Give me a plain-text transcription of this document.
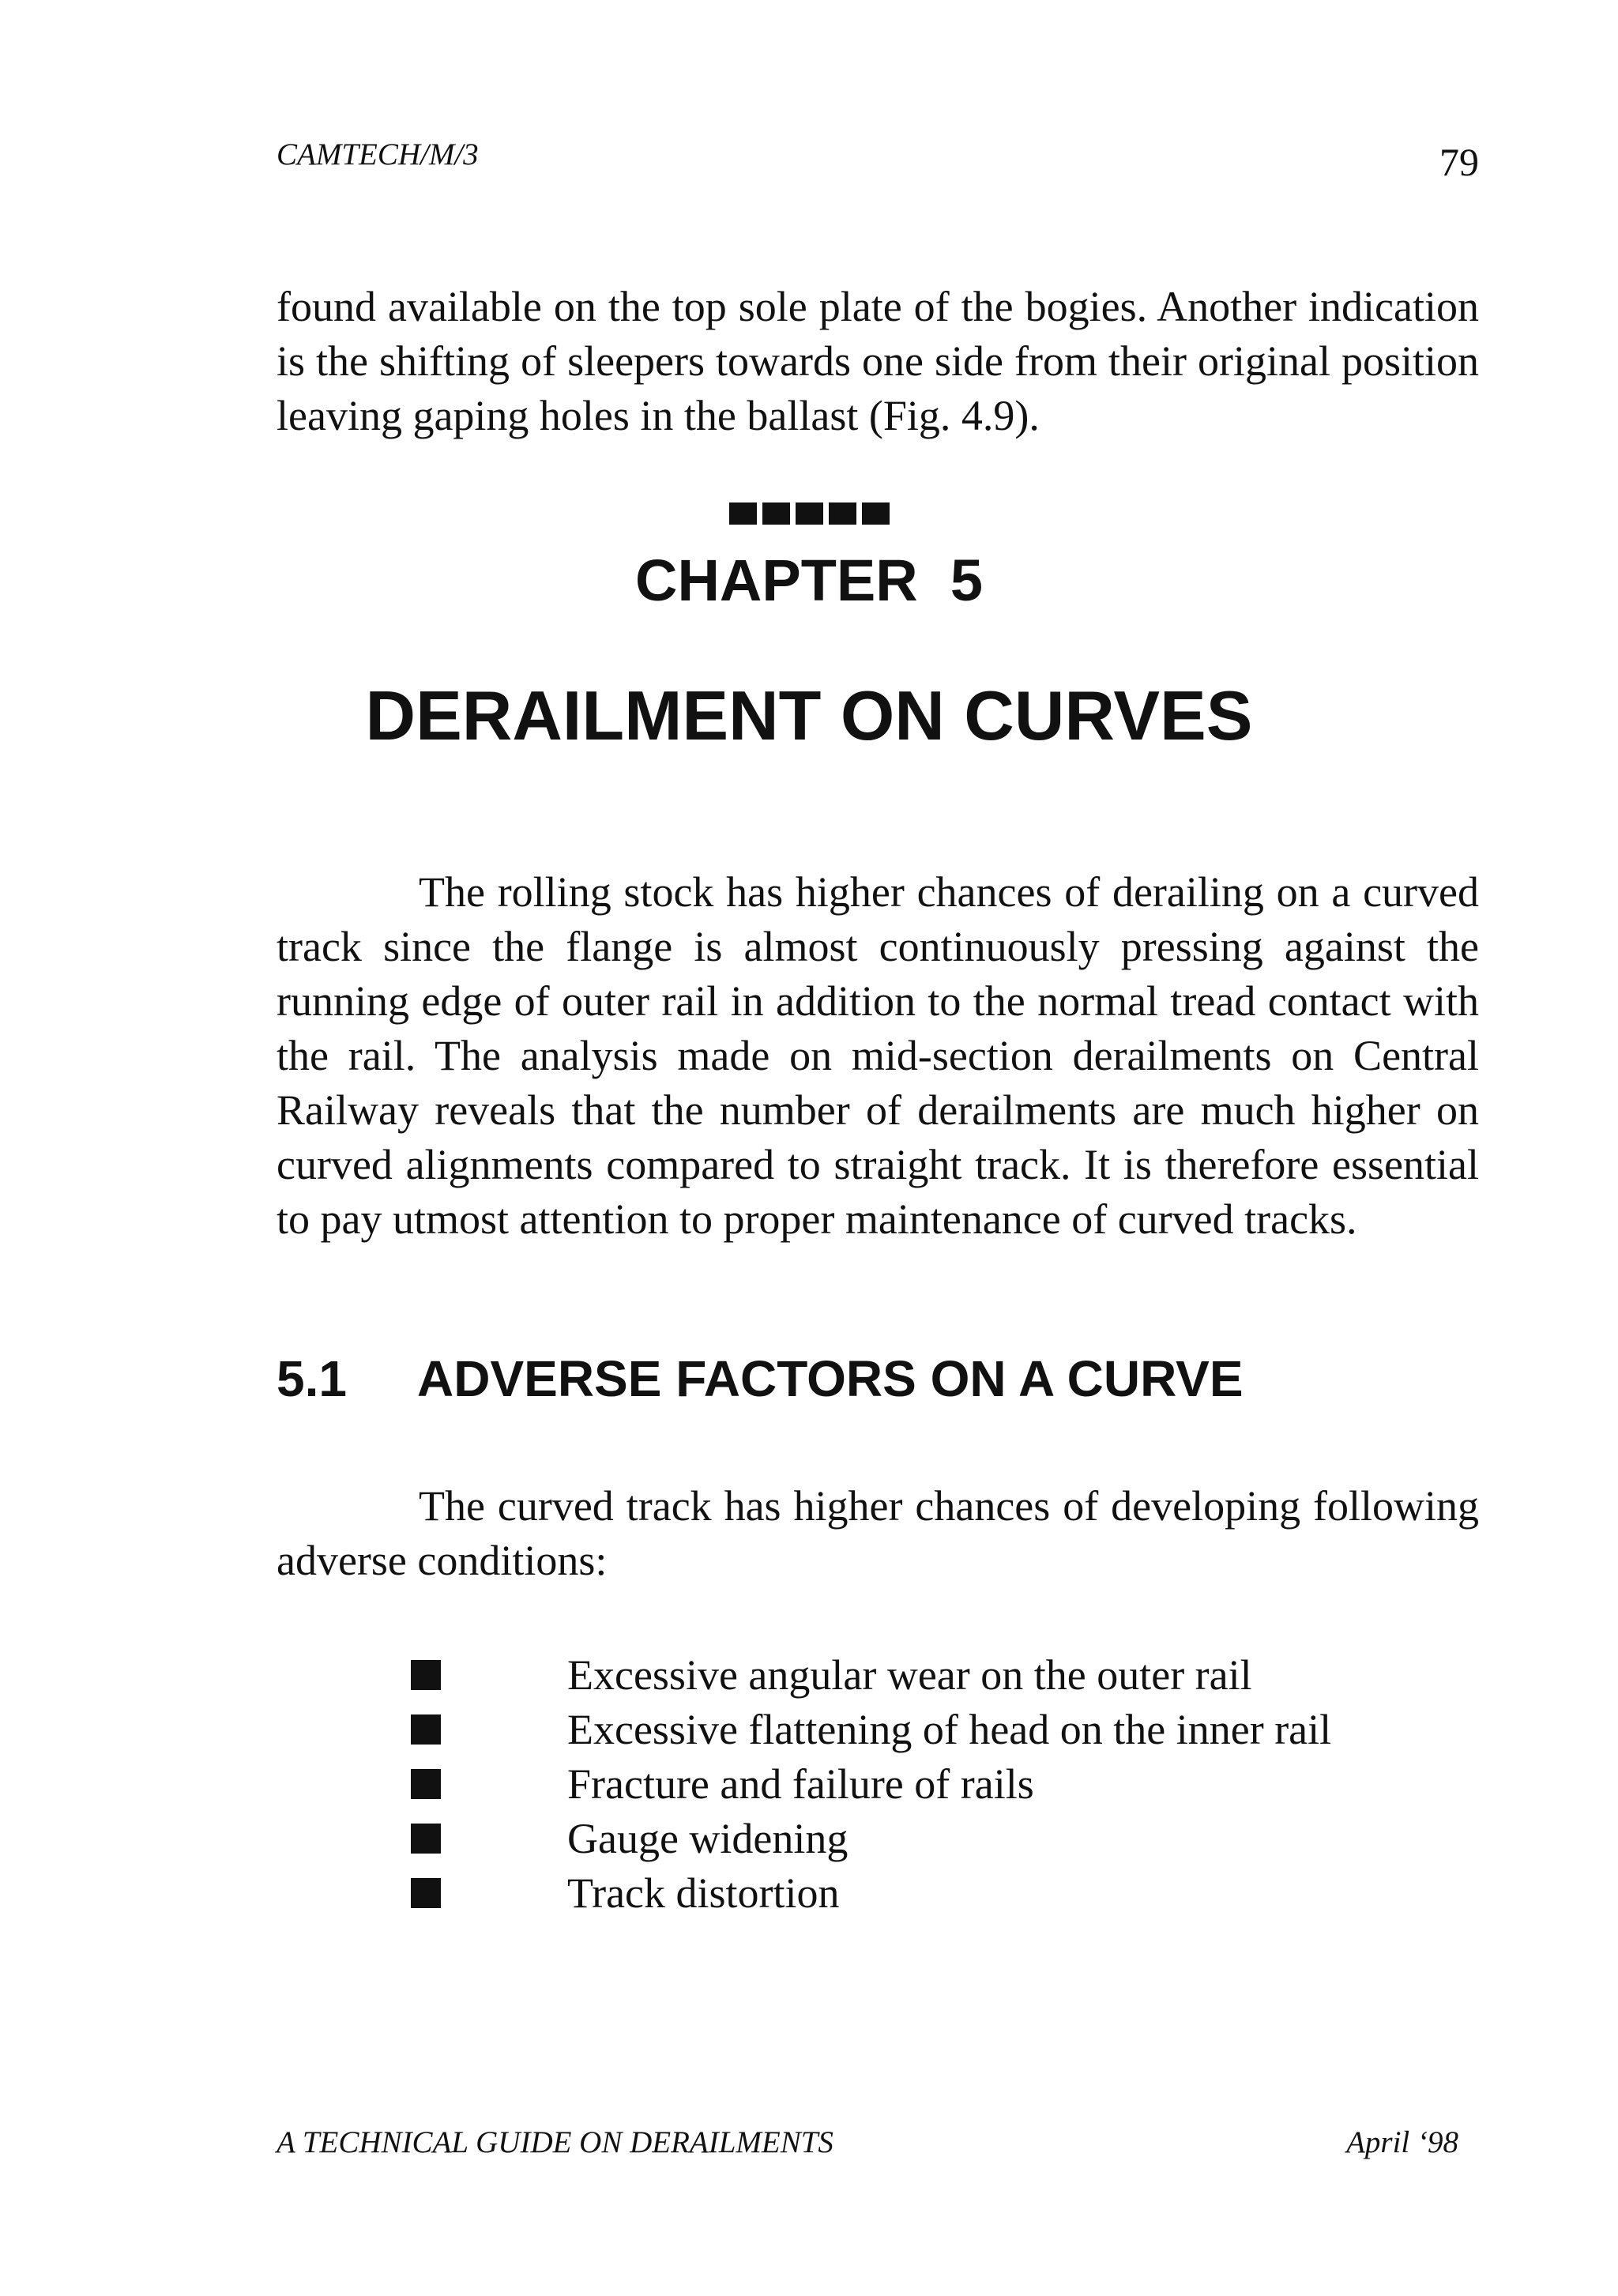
CAMTECH/M/3	79

found available on the top sole plate of the bogies. Another indication is the shifting of sleepers towards one side from their original position leaving gaping holes in the ballast (Fig. 4.9).

CHAPTER  5
DERAILMENT ON CURVES

The rolling stock has higher chances of derailing on a curved track since the flange is almost continuously pressing against the running edge of outer rail in addition to the normal tread contact with the rail. The analysis made on mid-section derailments on Central Railway reveals that the number of derailments are much higher on curved alignments compared to straight track. It is therefore essential to pay utmost attention to proper maintenance of curved tracks.

5.1 ADVERSE FACTORS ON A CURVE

The curved track has higher chances of developing following adverse conditions:

Excessive angular wear on the outer rail
Excessive flattening of head on the inner rail
Fracture and failure of rails
Gauge widening
Track distortion
A TECHNICAL GUIDE ON DERAILMENTS	April ‘98
